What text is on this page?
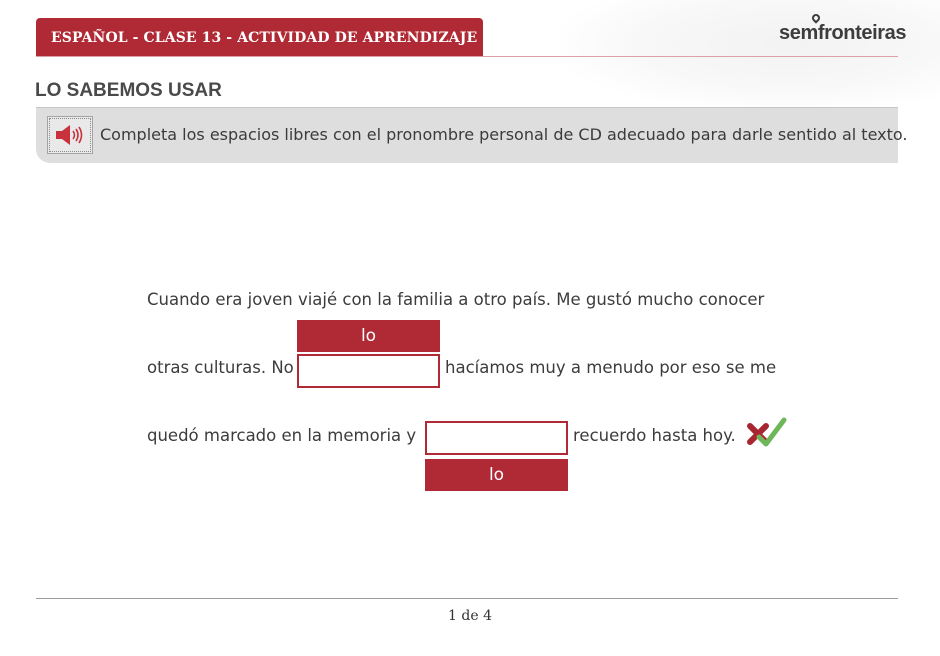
ESPAÑOL - CLASE 13 - ACTIVIDAD DE APRENDIZAJE	semfronteiras
LO SABEMOS USAR
Completa los espacios libres con el pronombre personal de CD adecuado para darle sentido al texto.
Cuando era joven viajé con la familia a otro país. Me gustó mucho conocer
lo
otras culturas. No	hacíamos muy a menudo por eso se me
quedó marcado en la memoria y	recuerdo hasta hoy.
lo
1 de 4
